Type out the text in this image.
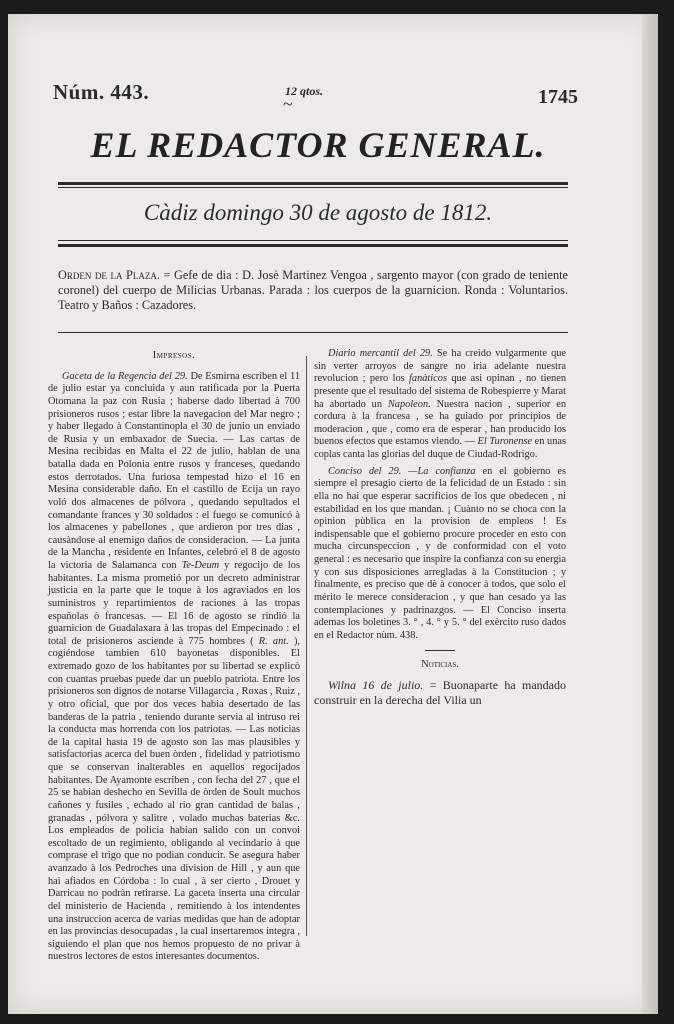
Núm. 443.	12 qtos.
~	1745
EL REDACTOR GENERAL.
Càdiz domingo 30 de agosto de 1812.
Orden de la Plaza. = Gefe de dia : D. Josè Martinez Vengoa , sargento mayor (con grado de teniente coronel) del cuerpo de Milicias Urbanas. Parada : los cuerpos de la guarnicion. Ronda : Voluntarios. Teatro y Baños : Cazadores.
Impresos.

Gaceta de la Regencia del 29. De Esmirna escriben el 11 de julio estar ya concluida y aun ratificada por la Puerta Otomana la paz con Rusia ; haberse dado libertad à 700 prisioneros rusos ; estar libre la navegacion del Mar negro ; y haber llegado à Constantinopla el 30 de junio un enviado de Rusia y un embaxador de Suecia. — Las cartas de Mesina recibidas en Malta el 22 de julio, hablan de una batalla dada en Polonia entre rusos y franceses, quedando estos derrotados. Una furiosa tempestad hizo el 16 en Mesina considerable daño. En el castillo de Ecija un rayo voló dos almacenes de pólvora , quedando sepultados el comandante frances y 30 soldados : el fuego se comunicó à los almacenes y pabellones , que ardieron por tres dias , causàndose al enemigo daños de consideracion. — La junta de la Mancha , residente en Infantes, celebró el 8 de agosto la victoria de Salamanca con Te-Deum y regocijo de los habitantes. La misma prometió por un decreto administrar justicia en la parte que le toque à los agraviados en los suministros y repartimientos de raciones à las tropas españolas ò francesas. — El 16 de agosto se rindió la guarnicion de Guadalaxara à las tropas del Empecinado : el total de prisioneros asciende à 775 hombres ( R. ant. ), cogiéndose tambien 610 bayonetas disponibles. El extremado gozo de los habitantes por su libertad se explicò con cuantas pruebas puede dar un pueblo patriota. Entre los prisioneros son dignos de notarse Villagarcìa , Roxas , Ruiz , y otro oficial, que por dos veces habia desertado de las banderas de la patria , teniendo durante servia al intruso rei la conducta mas horrenda con los patriotas. — Las noticias de la capital hasta 19 de agosto son las mas plausibles y satisfactorias acerca del buen òrden , fidelidad y patriotismo que se conservan inalterables en aquellos regocijados habitantes. De Ayamonte escriben , con fecha del 27 , que el 25 se habian deshecho en Sevilla de òrden de Soult muchos cañones y fusiles , echado al rio gran cantidad de balas , granadas , pólvora y salitre , volado muchas baterias &c. Los empleados de policia habian salido con un convoi escoltado de un regimiento, obligando al vecindario à que comprase el trigo que no podian conducir. Se asegura haber avanzado à los Pedroches una division de Hill , y aun que hai afiados en Córdoba : lo cual , à ser cierto , Drouet y Darricau no podràn retirarse. La gaceta inserta una circular del ministerio de Hacienda , remitiendo à los intendentes una instruccion acerca de varias medidas que han de adoptar en las provincias desocupadas , la cual insertaremos íntegra , siguiendo el plan que nos hemos propuesto de no privar à nuestros lectores de estos interesantes documentos.

Diario mercantil del 29. Se ha creido vulgarmente que sin verter arroyos de sangre no iria adelante nuestra revolucion ; pero los fanàticos que asi opinan , no tienen presente que el resultado del sistema de Robespierre y Marat ha abortado un Napoleon. Nuestra nacion , superior en cordura à la francesa , se ha guiado por principios de moderacion , que , como era de esperar , han producido los buenos efectos que estamos viendo. — El Turonense en unas coplas canta las glorias del duque de Ciudad-Rodrigo.

Conciso del 29. —La confianza en el gobierno es siempre el presagio cierto de la felicidad de un Estado : sin ella no hai que esperar sacrificios de los que obedecen , ni estabilidad en los que mandan. ¡ Cuànto no se choca con la opinion pùblica en la provision de empleos ! Es indispensable que el gobierno procure proceder en esto con mucha circunspeccion , y de conformidad con el voto general : es necesario que inspire la confianza con su energìa y con sus disposiciones arregladas à la Constitucion ; y finalmente, es preciso que dè à conocer à todos, que solo el mérito le merece consideracion , y que han cesado ya las contemplaciones y padrinazgos. — El Conciso inserta ademas los boletines 3. ° , 4. ° y 5. ° del exèrcito ruso dados en el Redactor nùm. 438.

Noticias.

Wilna 16 de julio. = Buonaparte ha mandado construir en la derecha del Vilia un
